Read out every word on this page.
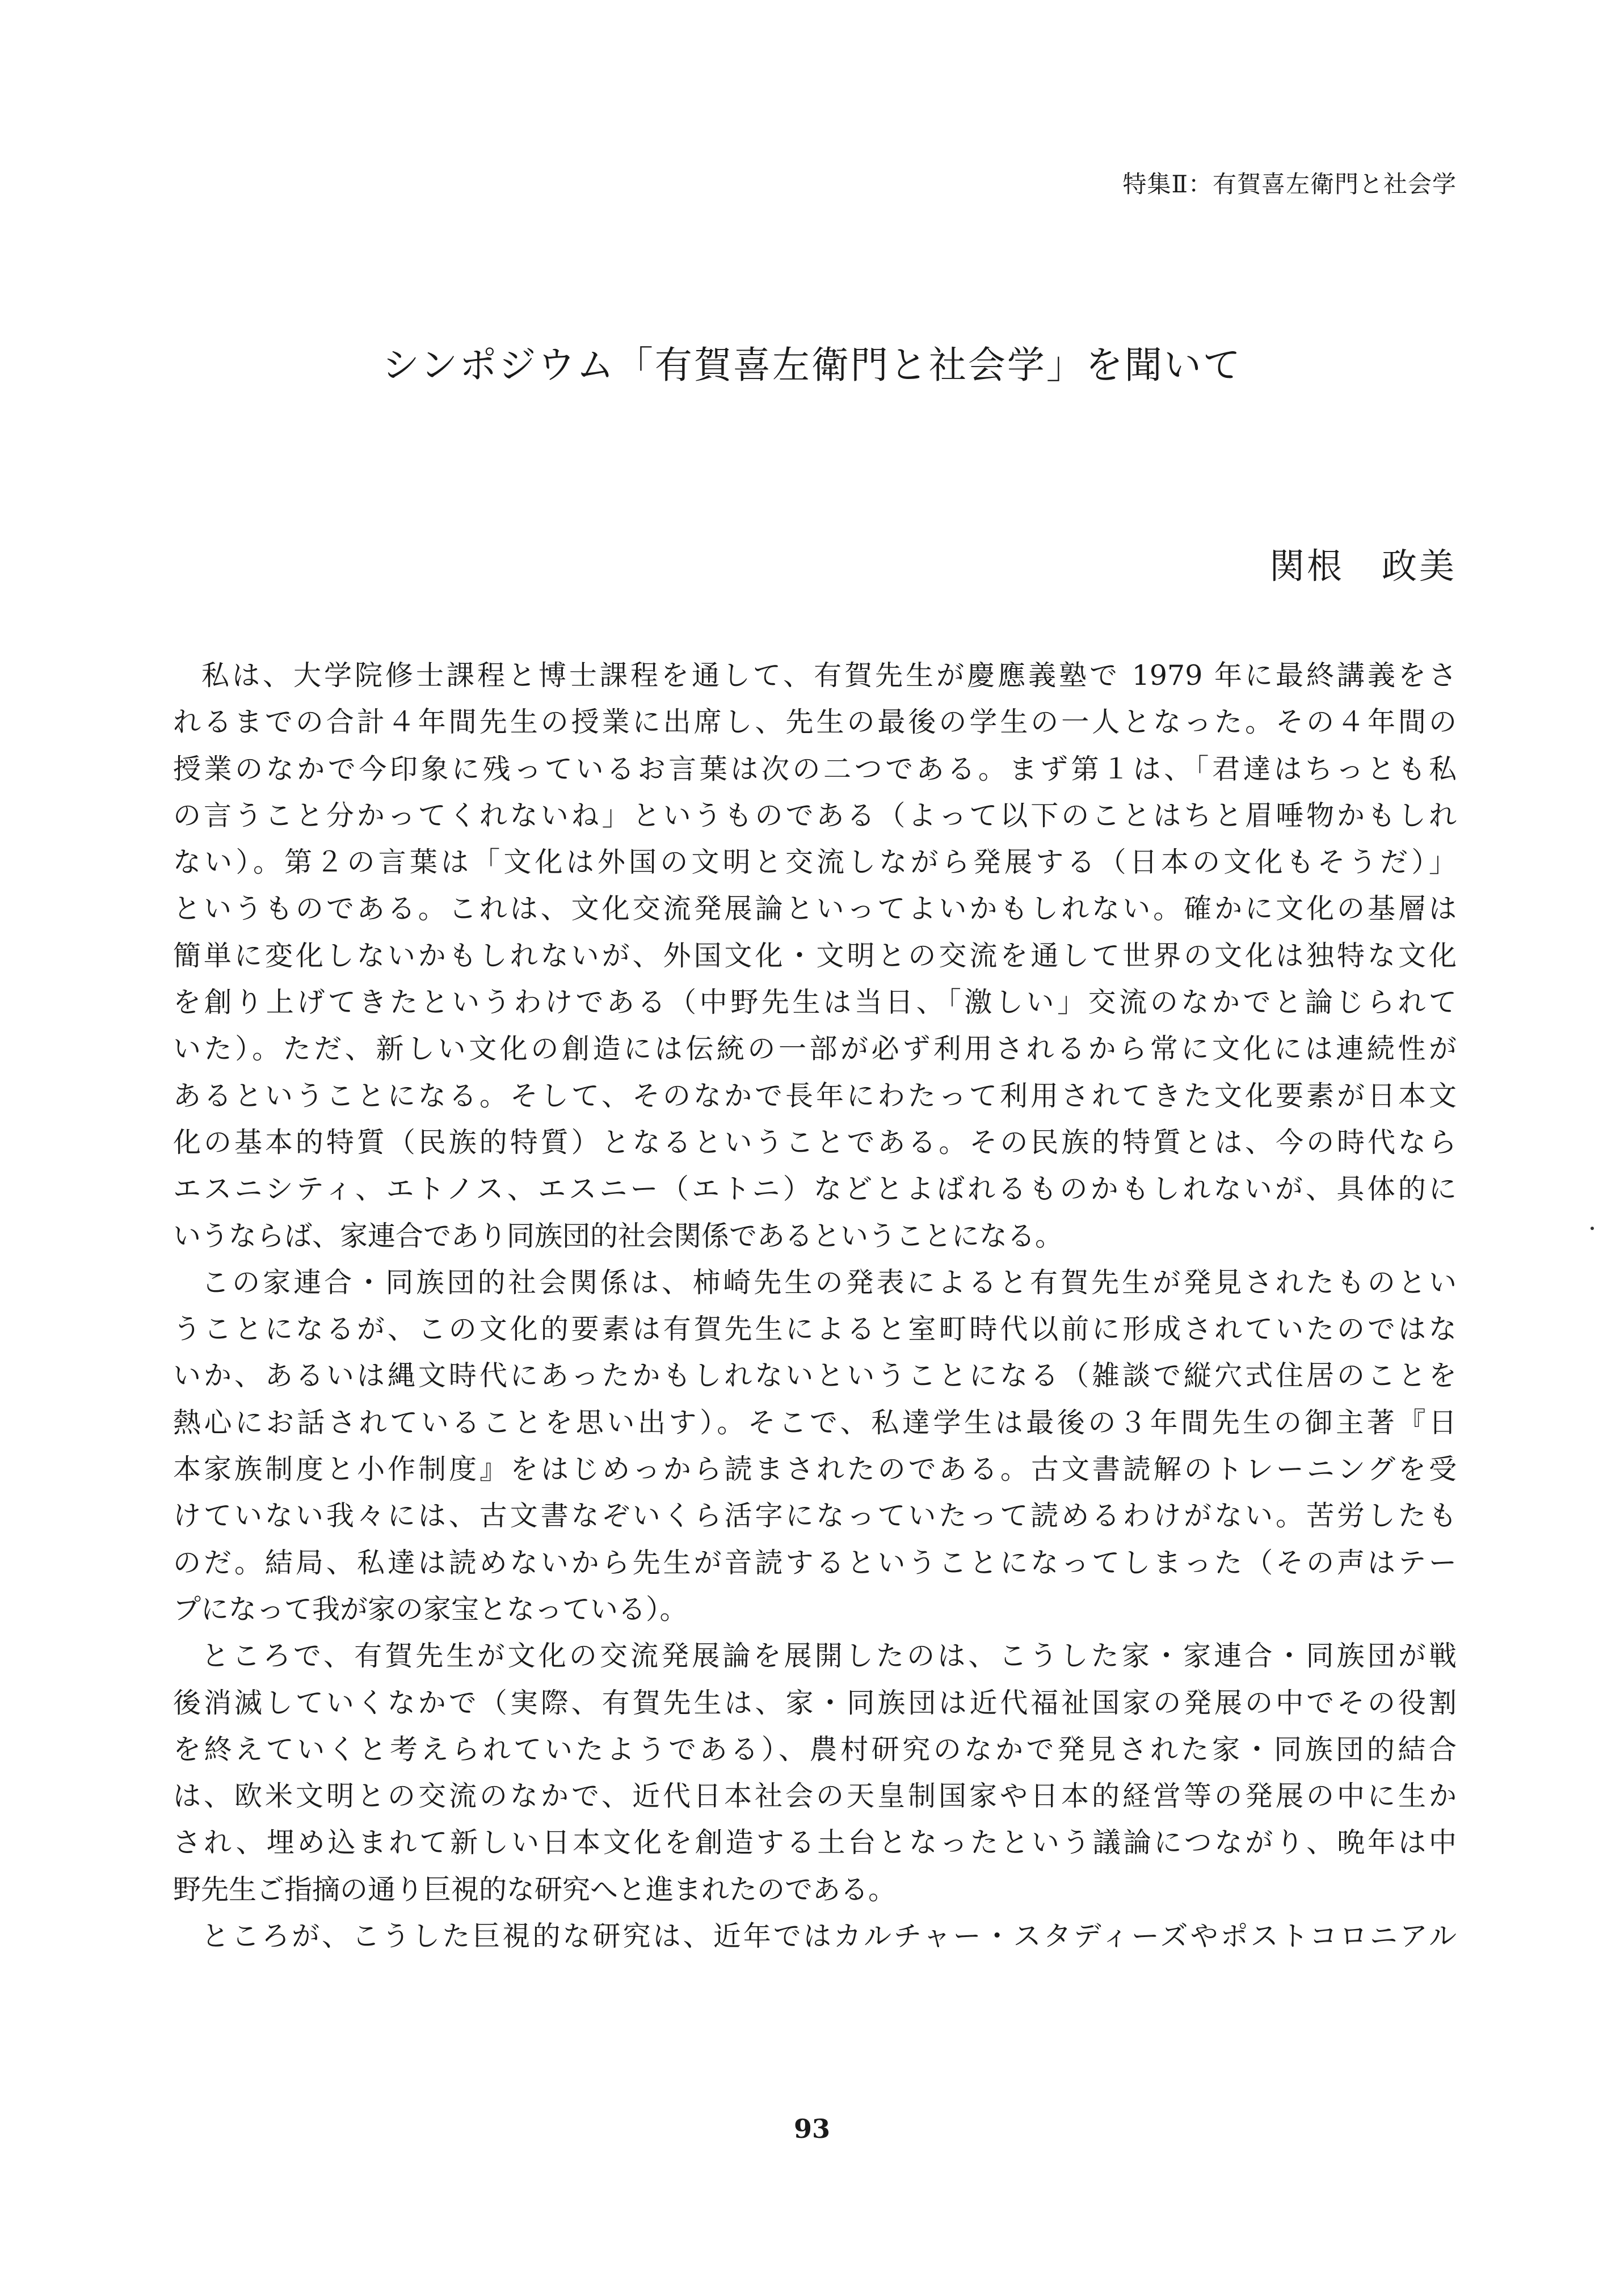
特集Ⅱ：有賀喜左衛門と社会学
シンポジウム「有賀喜左衛門と社会学」を聞いて
関根　政美
私は、大学院修士課程と博士課程を通して、有賀先生が慶應義塾で 1979 年に最終講義をさ
れるまでの合計４年間先生の授業に出席し、先生の最後の学生の一人となった。その４年間の
授業のなかで今印象に残っているお言葉は次の二つである。まず第１は、「君達はちっとも私
の言うこと分かってくれないね」というものである（よって以下のことはちと眉唾物かもしれ
ない）。第２の言葉は「文化は外国の文明と交流しながら発展する（日本の文化もそうだ）」
というものである。これは、文化交流発展論といってよいかもしれない。確かに文化の基層は
簡単に変化しないかもしれないが、外国文化・文明との交流を通して世界の文化は独特な文化
を創り上げてきたというわけである（中野先生は当日、「激しい」交流のなかでと論じられて
いた）。ただ、新しい文化の創造には伝統の一部が必ず利用されるから常に文化には連続性が
あるということになる。そして、そのなかで長年にわたって利用されてきた文化要素が日本文
化の基本的特質（民族的特質）となるということである。その民族的特質とは、今の時代なら
エスニシティ、エトノス、エスニー（エトニ）などとよばれるものかもしれないが、具体的に
いうならば、家連合であり同族団的社会関係であるということになる。
この家連合・同族団的社会関係は、柿崎先生の発表によると有賀先生が発見されたものとい
うことになるが、この文化的要素は有賀先生によると室町時代以前に形成されていたのではな
いか、あるいは縄文時代にあったかもしれないということになる（雑談で縦穴式住居のことを
熱心にお話されていることを思い出す）。そこで、私達学生は最後の３年間先生の御主著『日
本家族制度と小作制度』をはじめっから読まされたのである。古文書読解のトレーニングを受
けていない我々には、古文書なぞいくら活字になっていたって読めるわけがない。苦労したも
のだ。結局、私達は読めないから先生が音読するということになってしまった（その声はテー
プになって我が家の家宝となっている）。
ところで、有賀先生が文化の交流発展論を展開したのは、こうした家・家連合・同族団が戦
後消滅していくなかで（実際、有賀先生は、家・同族団は近代福祉国家の発展の中でその役割
を終えていくと考えられていたようである）、農村研究のなかで発見された家・同族団的結合
は、欧米文明との交流のなかで、近代日本社会の天皇制国家や日本的経営等の発展の中に生か
され、埋め込まれて新しい日本文化を創造する土台となったという議論につながり、晩年は中
野先生ご指摘の通り巨視的な研究へと進まれたのである。
ところが、こうした巨視的な研究は、近年ではカルチャー・スタディーズやポストコロニアル
93
